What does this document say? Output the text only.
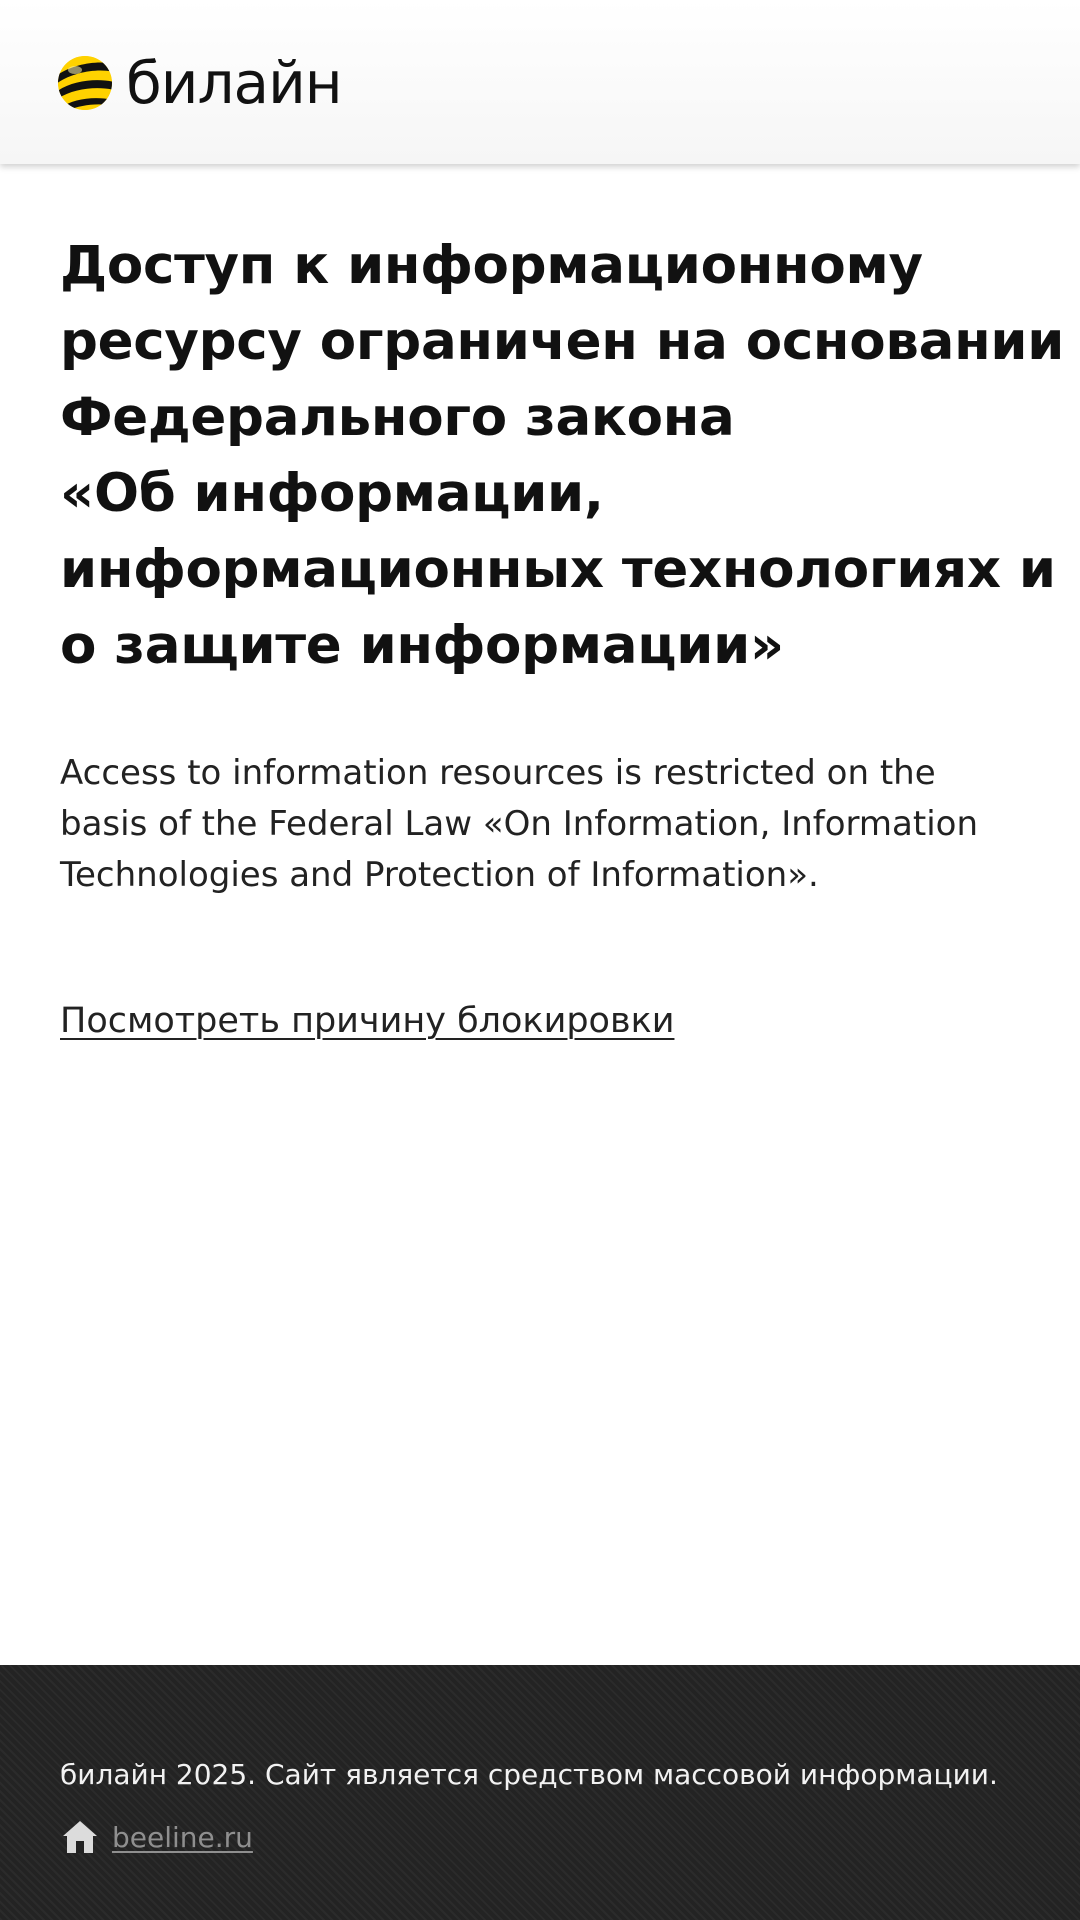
билайн
Доступ к информационному
ресурсу ограничен на основании
Федерального закона
«Об информации,
информационных технологиях и
о защите информации»

Access to information resources is restricted on the
basis of the Federal Law «On Information, Information
Technologies and Protection of Information».

Посмотреть причину блокировки
билайн 2025. Сайт является средством массовой информации.
beeline.ru
